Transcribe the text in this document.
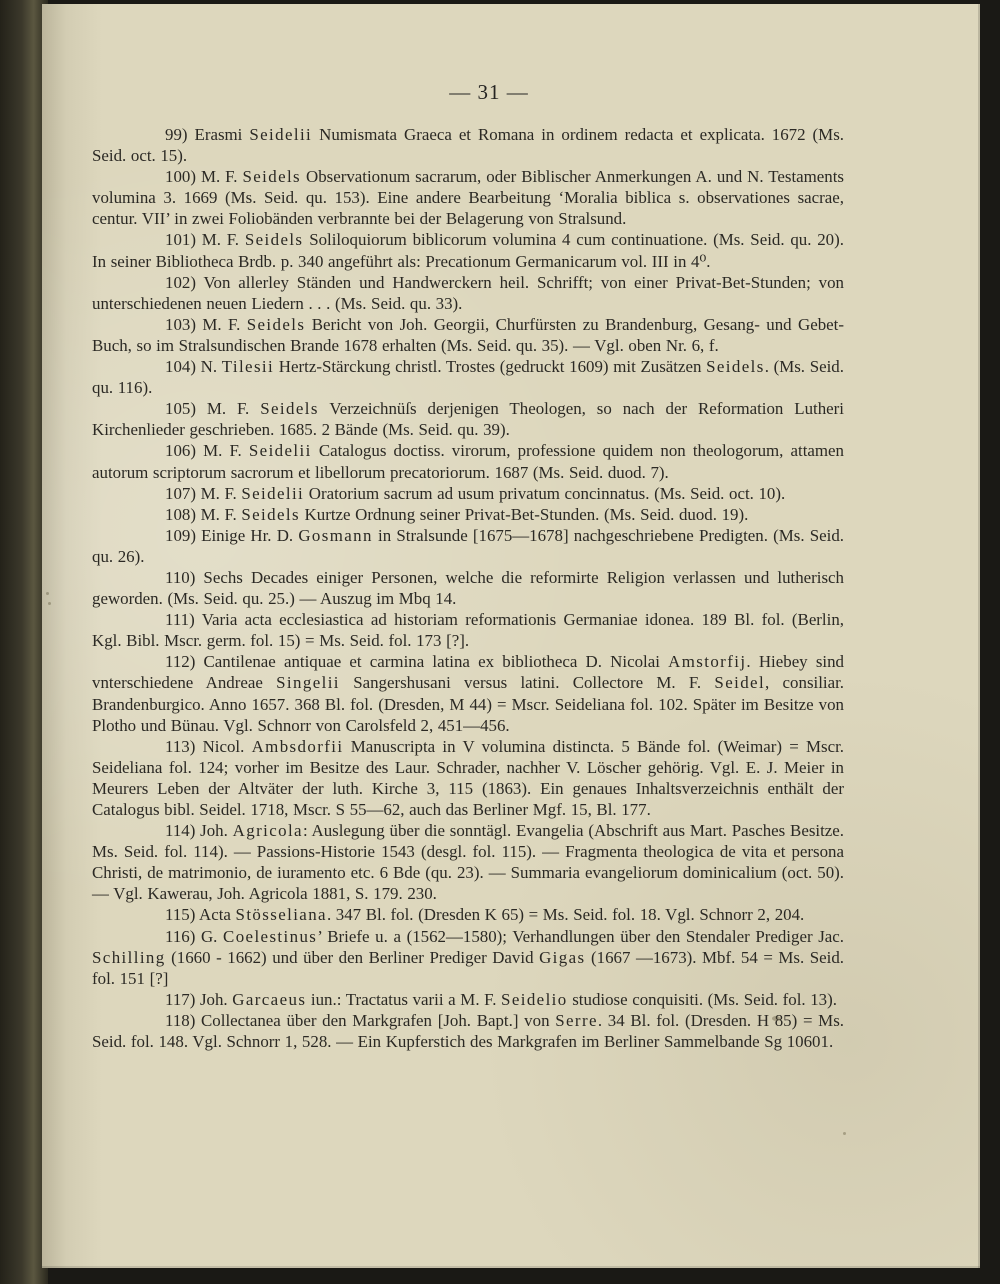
— 31 —

99) Erasmi Seidelii Numismata Graeca et Romana in ordinem redacta et explicata. 1672 (Ms. Seid. oct. 15).

100) M. F. Seidels Observationum sacrarum, oder Biblischer Anmerkungen A. und N. Testaments volumina 3. 1669 (Ms. Seid. qu. 153). Eine andere Bearbeitung ‘Moralia biblica s. observationes sacrae, centur. VII’ in zwei Foliobänden verbrannte bei der Belagerung von Stralsund.

101) M. F. Seidels Soliloquiorum biblicorum volumina 4 cum continuatione. (Ms. Seid. qu. 20). In seiner Bibliotheca Brdb. p. 340 angeführt als: Precationum Germanicarum vol. III in 4⁰.

102) Von allerley Ständen und Handwerckern heil. Schrifft; von einer Privat-Bet-Stunden; von unterschiedenen neuen Liedern . . . (Ms. Seid. qu. 33).

103) M. F. Seidels Bericht von Joh. Georgii, Churfürsten zu Brandenburg, Gesang- und Gebet-Buch, so im Stralsundischen Brande 1678 erhalten (Ms. Seid. qu. 35). — Vgl. oben Nr. 6, f.

104) N. Tilesii Hertz-Stärckung christl. Trostes (gedruckt 1609) mit Zusätzen Seidels. (Ms. Seid. qu. 116).

105) M. F. Seidels Verzeichnüſs derjenigen Theologen, so nach der Reformation Lutheri Kirchenlieder geschrieben. 1685. 2 Bände (Ms. Seid. qu. 39).

106) M. F. Seidelii Catalogus doctiss. virorum, professione quidem non theologorum, attamen autorum scriptorum sacrorum et libellorum precatoriorum. 1687 (Ms. Seid. duod. 7).

107) M. F. Seidelii Oratorium sacrum ad usum privatum concinnatus. (Ms. Seid. oct. 10).

108) M. F. Seidels Kurtze Ordnung seiner Privat-Bet-Stunden. (Ms. Seid. duod. 19).

109) Einige Hr. D. Gosmann in Stralsunde [1675—1678] nachgeschriebene Predigten. (Ms. Seid. qu. 26).

110) Sechs Decades einiger Personen, welche die reformirte Religion verlassen und lutherisch geworden. (Ms. Seid. qu. 25.) — Auszug im Mbq 14.

111) Varia acta ecclesiastica ad historiam reformationis Germaniae idonea. 189 Bl. fol. (Berlin, Kgl. Bibl. Mscr. germ. fol. 15) = Ms. Seid. fol. 173 [?].

112) Cantilenae antiquae et carmina latina ex bibliotheca D. Nicolai Amstorfij. Hiebey sind vnterschiedene Andreae Singelii Sangershusani versus latini. Collectore M. F. Seidel, consiliar. Brandenburgico. Anno 1657. 368 Bl. fol. (Dresden, M 44) = Mscr. Seideliana fol. 102. Später im Besitze von Plotho und Bünau. Vgl. Schnorr von Carolsfeld 2, 451—456.

113) Nicol. Ambsdorfii Manuscripta in V volumina distincta. 5 Bände fol. (Weimar) = Mscr. Seideliana fol. 124; vorher im Besitze des Laur. Schrader, nachher V. Löscher gehörig. Vgl. E. J. Meier in Meurers Leben der Altväter der luth. Kirche 3, 115 (1863). Ein genaues Inhaltsverzeichnis enthält der Catalogus bibl. Seidel. 1718, Mscr. S 55—62, auch das Berliner Mgf. 15, Bl. 177.

114) Joh. Agricola: Auslegung über die sonntägl. Evangelia (Abschrift aus Mart. Pasches Besitze. Ms. Seid. fol. 114). — Passions-Historie 1543 (desgl. fol. 115). — Fragmenta theologica de vita et persona Christi, de matrimonio, de iuramento etc. 6 Bde (qu. 23). — Summaria evangeliorum dominicalium (oct. 50). — Vgl. Kawerau, Joh. Agricola 1881, S. 179. 230.

115) Acta Stösseliana. 347 Bl. fol. (Dresden K 65) = Ms. Seid. fol. 18. Vgl. Schnorr 2, 204.

116) G. Coelestinus’ Briefe u. a (1562—1580); Verhandlungen über den Stendaler Prediger Jac. Schilling (1660 - 1662) und über den Berliner Prediger David Gigas (1667 —1673). Mbf. 54 = Ms. Seid. fol. 151 [?]

117) Joh. Garcaeus iun.: Tractatus varii a M. F. Seidelio studiose conquisiti. (Ms. Seid. fol. 13).

118) Collectanea über den Markgrafen [Joh. Bapt.] von Serre. 34 Bl. fol. (Dresden. H 85) = Ms. Seid. fol. 148. Vgl. Schnorr 1, 528. — Ein Kupferstich des Markgrafen im Berliner Sammelbande Sg 10601.
